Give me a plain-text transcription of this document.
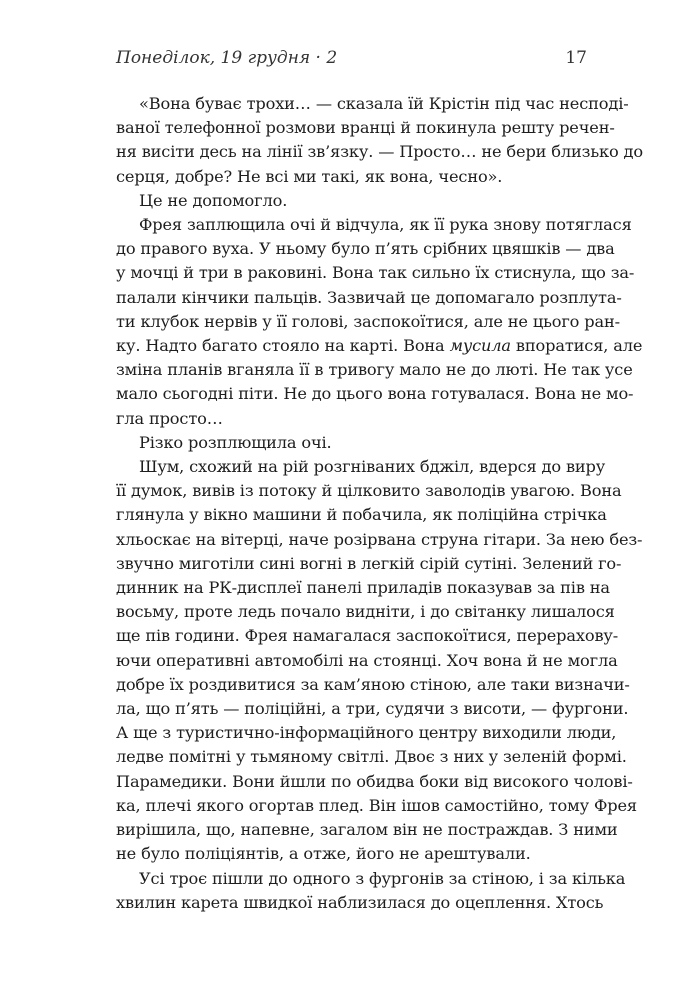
Понеділок, 19 грудня · 2	17

«Вона буває трохи… — сказала їй Крістін під час несподі-
ваної телефонної розмови вранці й покинула решту речен-
ня висіти десь на лінії зв’язку. — Просто… не бери близько до
серця, добре? Не всі ми такі, як вона, чесно».

Це не допомогло.

Фрея заплющила очі й відчула, як її рука знову потяглася
до правого вуха. У ньому було п’ять срібних цвяшків — два
у мочці й три в раковині. Вона так сильно їх стиснула, що за-
палали кінчики пальців. Зазвичай це допомагало розплута-
ти клубок нервів у її голові, заспокоїтися, але не цього ран-
ку. Надто багато стояло на карті. Вона мусила впоратися, але
зміна планів вганяла її в тривогу мало не до люті. Не так усе
мало сьогодні піти. Не до цього вона готувалася. Вона не мо-
гла просто…

Різко розплющила очі.

Шум, схожий на рій розгніваних бджіл, вдерся до виру
її думок, вивів із потоку й цілковито заволодів увагою. Вона
глянула у вікно машини й побачила, як поліційна стрічка
хльоскає на вітерці, наче розірвана струна гітари. За нею без-
звучно миготіли сині вогні в легкій сірій сутіні. Зелений го-
динник на РК-дисплеї панелі приладів показував за пів на
восьму, проте ледь почало видніти, і до світанку лишалося
ще пів години. Фрея намагалася заспокоїтися, перерахову-
ючи оперативні автомобілі на стоянці. Хоч вона й не могла
добре їх роздивитися за кам’яною стіною, але таки визначи-
ла, що п’ять — поліційні, а три, судячи з висоти, — фургони.
А ще з туристично-інформаційного центру виходили люди,
ледве помітні у тьмяному світлі. Двоє з них у зеленій формі.
Парамедики. Вони йшли по обидва боки від високого чолові-
ка, плечі якого огортав плед. Він ішов самостійно, тому Фрея
вирішила, що, напевне, загалом він не постраждав. З ними
не було поліціянтів, а отже, його не арештували.

Усі троє пішли до одного з фургонів за стіною, і за кілька
хвилин карета швидкої наблизилася до оцеплення. Хтось
